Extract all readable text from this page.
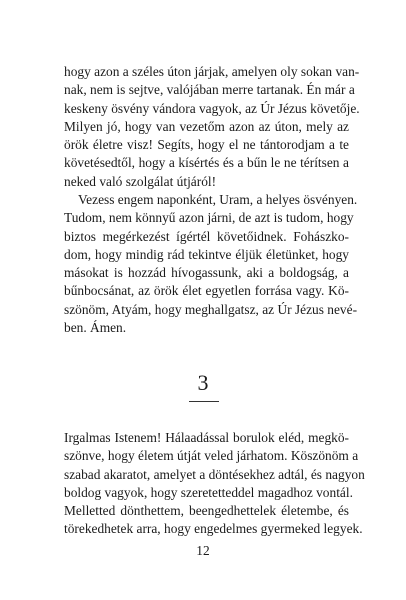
hogy azon a széles úton járjak, amelyen oly sokan van-
nak, nem is sejtve, valójában merre tartanak. Én már a
keskeny ösvény vándora vagyok, az Úr Jézus követője.
Milyen jó, hogy van vezetőm azon az úton, mely az
örök életre visz! Segíts, hogy el ne tántorodjam a te
követésedtől, hogy a kísértés és a bűn le ne térítsen a
neked való szolgálat útjáról!
Vezess engem naponként, Uram, a helyes ösvényen.
Tudom, nem könnyű azon járni, de azt is tudom, hogy
biztos megérkezést ígértél követőidnek. Fohászko-
dom, hogy mindig rád tekintve éljük életünket, hogy
másokat is hozzád hívogassunk, aki a boldogság, a
bűnbocsánat, az örök élet egyetlen forrása vagy. Kö-
szönöm, Atyám, hogy meghallgatsz, az Úr Jézus nevé-
ben. Ámen.
3
Irgalmas Istenem! Hálaadással borulok eléd, megkö-
szönve, hogy életem útját veled járhatom. Köszönöm a
szabad akaratot, amelyet a döntésekhez adtál, és nagyon
boldog vagyok, hogy szeretetteddel magadhoz vontál.
Melletted dönthettem, beengedhettelek életembe, és
törekedhetek arra, hogy engedelmes gyermeked legyek.
12
